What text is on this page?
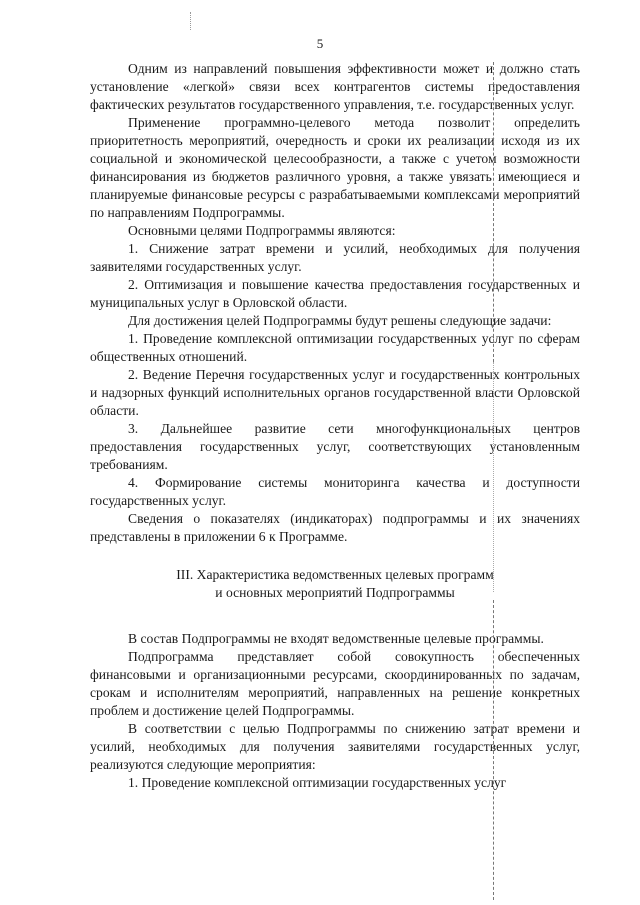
5

Одним из направлений повышения эффективности может и должно стать установление «легкой» связи всех контрагентов системы предоставления фактических результатов государственного управления, т.е. государственных услуг.

Применение программно-целевого метода позволит определить приоритетность мероприятий, очередность и сроки их реализации исходя из их социальной и экономической целесообразности, а также с учетом возможности финансирования из бюджетов различного уровня, а также увязать имеющиеся и планируемые финансовые ресурсы с разрабатываемыми комплексами мероприятий по направлениям Подпрограммы.

Основными целями Подпрограммы являются:

1. Снижение затрат времени и усилий, необходимых для получения заявителями государственных услуг.

2. Оптимизация и повышение качества предоставления государственных и муниципальных услуг в Орловской области.

Для достижения целей Подпрограммы будут решены следующие задачи:

1. Проведение комплексной оптимизации государственных услуг по сферам общественных отношений.

2. Ведение Перечня государственных услуг и государственных контрольных и надзорных функций исполнительных органов государственной власти Орловской области.

3. Дальнейшее развитие сети многофункциональных центров предоставления государственных услуг, соответствующих установленным требованиям.

4. Формирование системы мониторинга качества и доступности государственных услуг.

Сведения о показателях (индикаторах) подпрограммы и их значениях представлены в приложении 6 к Программе.

III. Характеристика ведомственных целевых программ
и основных мероприятий Подпрограммы

В состав Подпрограммы не входят ведомственные целевые программы.

Подпрограмма представляет собой совокупность обеспеченных финансовыми и организационными ресурсами, скоординированных по задачам, срокам и исполнителям мероприятий, направленных на решение конкретных проблем и достижение целей Подпрограммы.

В соответствии с целью Подпрограммы по снижению затрат времени и усилий, необходимых для получения заявителями государственных услуг, реализуются следующие мероприятия:

1. Проведение комплексной оптимизации государственных услуг
